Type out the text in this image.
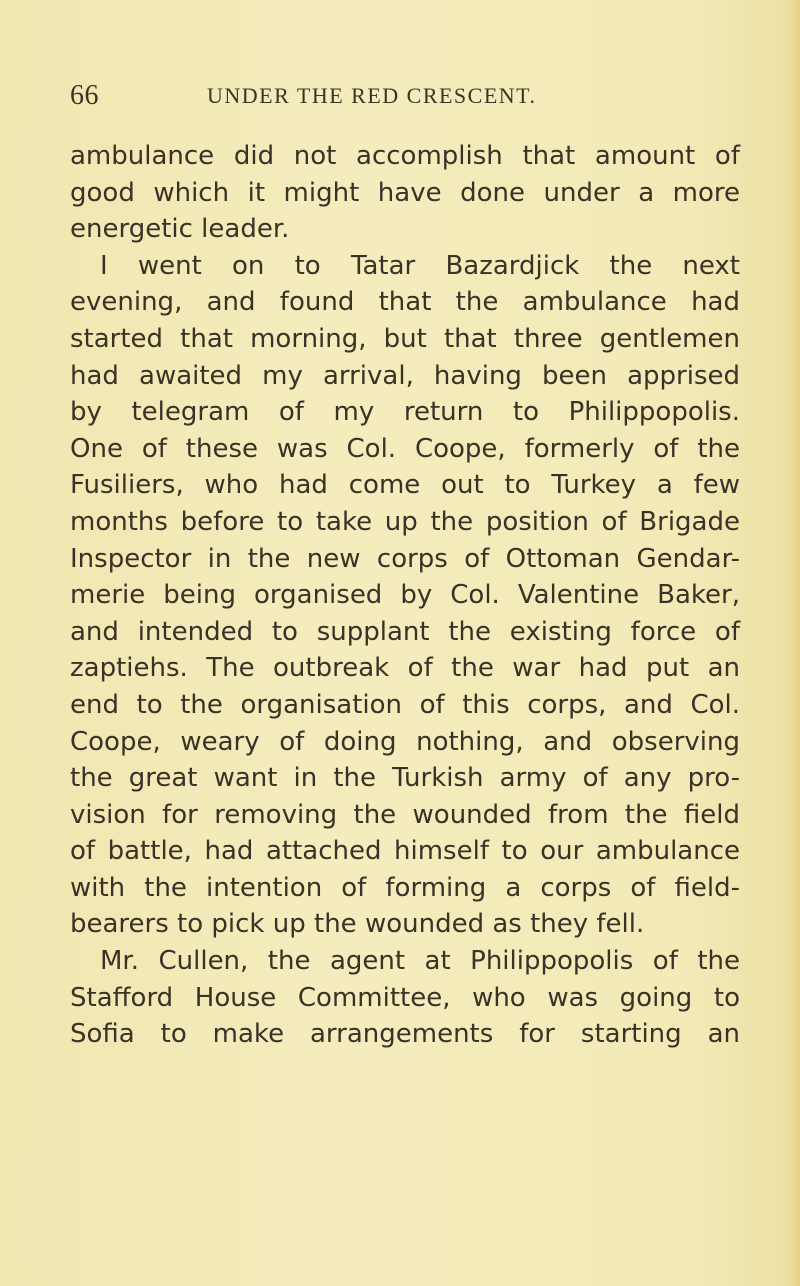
66	UNDER THE RED CRESCENT.
ambulance did not accomplish that amount of
good which it might have done under a more
energetic leader.
I went on to Tatar Bazardjick the next
evening, and found that the ambulance had
started that morning, but that three gentlemen
had awaited my arrival, having been apprised
by telegram of my return to Philippopolis.
One of these was Col. Coope, formerly of the
Fusiliers, who had come out to Turkey a few
months before to take up the position of Brigade
Inspector in the new corps of Ottoman Gendar-
merie being organised by Col. Valentine Baker,
and intended to supplant the existing force of
zaptiehs. The outbreak of the war had put an
end to the organisation of this corps, and Col.
Coope, weary of doing nothing, and observing
the great want in the Turkish army of any pro-
vision for removing the wounded from the field
of battle, had attached himself to our ambulance
with the intention of forming a corps of field-
bearers to pick up the wounded as they fell.
Mr. Cullen, the agent at Philippopolis of the
Stafford House Committee, who was going to
Sofia to make arrangements for starting an
